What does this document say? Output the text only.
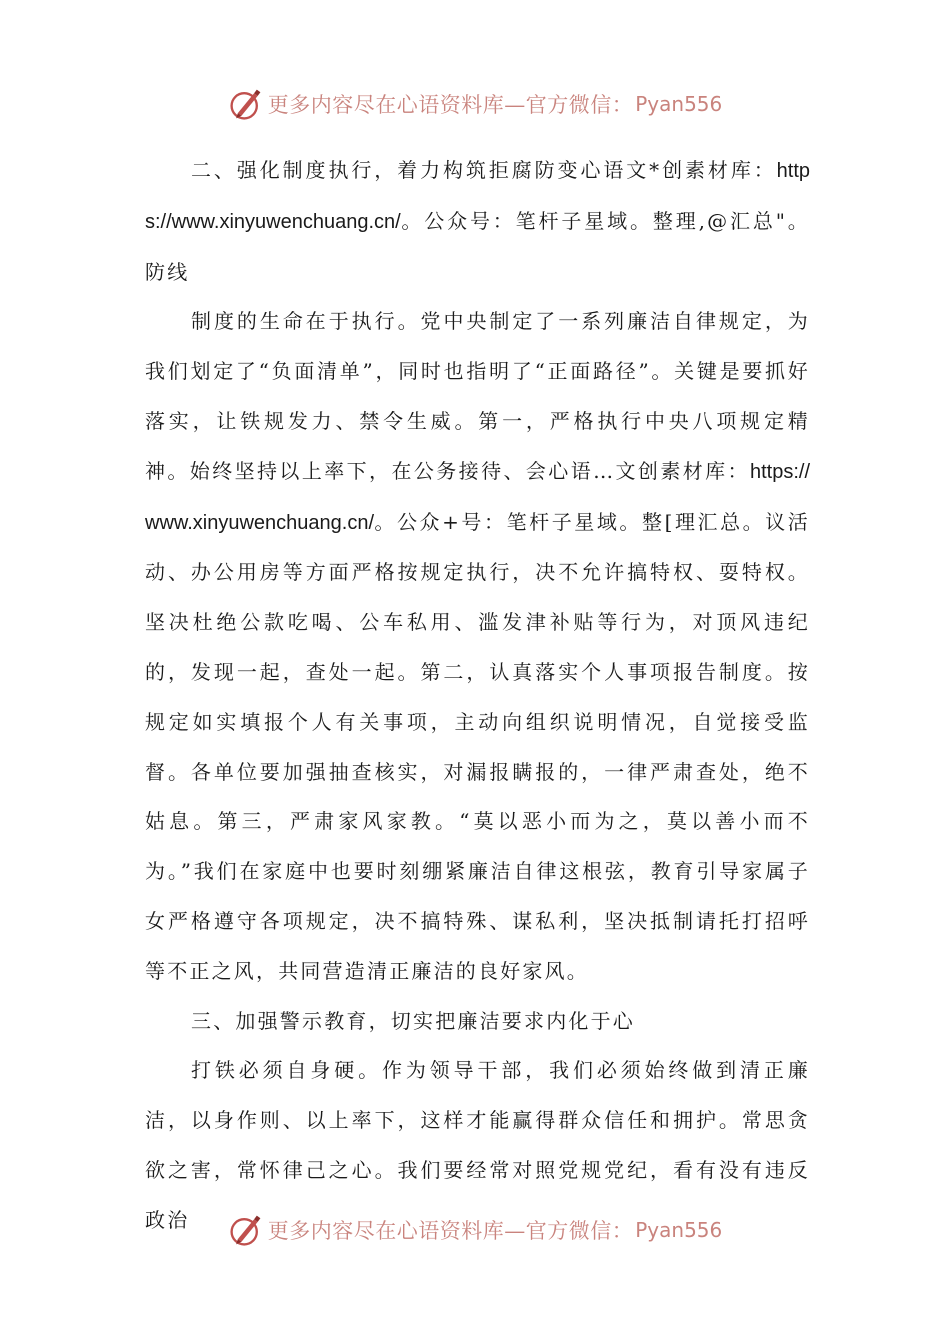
更多内容尽在心语资料库—官方微信： Pyan556

二、强化制度执行，着力构筑拒腐防变心语文*创素材库：https://www.xinyuwenchuang.cn/。公众号：笔杆子星域。整理,@汇总"。防线

制度的生命在于执行。党中央制定了一系列廉洁自律规定，为我们划定了“负面清单”，同时也指明了“正面路径”。关键是要抓好落实，让铁规发力、禁令生威。第一，严格执行中央八项规定精神。始终坚持以上率下，在公务接待、会心语…文创素材库：https://www.xinyuwenchuang.cn/。公众+号：笔杆子星域。整[理汇总。议活动、办公用房等方面严格按规定执行，决不允许搞特权、耍特权。坚决杜绝公款吃喝、公车私用、滥发津补贴等行为，对顶风违纪的，发现一起，查处一起。第二，认真落实个人事项报告制度。按规定如实填报个人有关事项，主动向组织说明情况，自觉接受监督。各单位要加强抽查核实，对漏报瞒报的，一律严肃查处，绝不姑息。第三，严肃家风家教。“莫以恶小而为之，莫以善小而不为。”我们在家庭中也要时刻绷紧廉洁自律这根弦，教育引导家属子女严格遵守各项规定，决不搞特殊、谋私利，坚决抵制请托打招呼等不正之风，共同营造清正廉洁的良好家风。

三、加强警示教育，切实把廉洁要求内化于心

打铁必须自身硬。作为领导干部，我们必须始终做到清正廉洁，以身作则、以上率下，这样才能赢得群众信任和拥护。常思贪欲之害，常怀律己之心。我们要经常对照党规党纪，看有没有违反政治	更多内容尽在心语资料库—官方微信： Pyan556
